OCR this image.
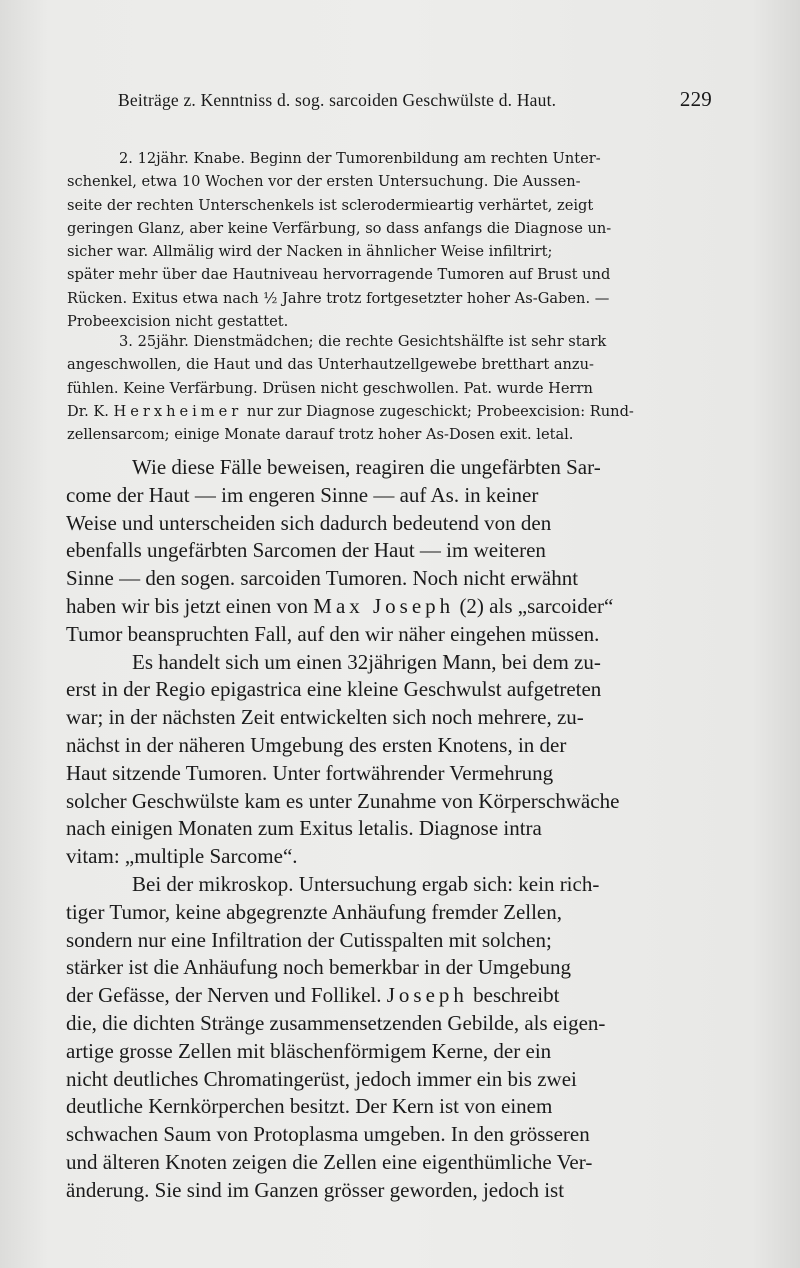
Beiträge z. Kenntniss d. sog. sarcoiden Geschwülste d. Haut.	229
2. 12jähr. Knabe. Beginn der Tumorenbildung am rechten Unter-
schenkel, etwa 10 Wochen vor der ersten Untersuchung. Die Aussen-
seite der rechten Unterschenkels ist sclerodermieartig verhärtet, zeigt
geringen Glanz, aber keine Verfärbung, so dass anfangs die Diagnose un-
sicher war. Allmälig wird der Nacken in ähnlicher Weise infiltrirt;
später mehr über dae Hautniveau hervorragende Tumoren auf Brust und
Rücken. Exitus etwa nach ½ Jahre trotz fortgesetzter hoher As-Gaben. —
Probeexcision nicht gestattet.
3. 25jähr. Dienstmädchen; die rechte Gesichtshälfte ist sehr stark
angeschwollen, die Haut und das Unterhautzellgewebe bretthart anzu-
fühlen. Keine Verfärbung. Drüsen nicht geschwollen. Pat. wurde Herrn
Dr. K. Herxheimer nur zur Diagnose zugeschickt; Probeexcision: Rund-
zellensarcom; einige Monate darauf trotz hoher As-Dosen exit. letal.
Wie diese Fälle beweisen, reagiren die ungefärbten Sar-
come der Haut — im engeren Sinne — auf As. in keiner
Weise und unterscheiden sich dadurch bedeutend von den
ebenfalls ungefärbten Sarcomen der Haut — im weiteren
Sinne — den sogen. sarcoiden Tumoren. Noch nicht erwähnt
haben wir bis jetzt einen von Max Joseph (2) als „sarcoider“
Tumor beanspruchten Fall, auf den wir näher eingehen müssen.
Es handelt sich um einen 32jährigen Mann, bei dem zu-
erst in der Regio epigastrica eine kleine Geschwulst aufgetreten
war; in der nächsten Zeit entwickelten sich noch mehrere, zu-
nächst in der näheren Umgebung des ersten Knotens, in der
Haut sitzende Tumoren. Unter fortwährender Vermehrung
solcher Geschwülste kam es unter Zunahme von Körperschwäche
nach einigen Monaten zum Exitus letalis. Diagnose intra
vitam: „multiple Sarcome“.
Bei der mikroskop. Untersuchung ergab sich: kein rich-
tiger Tumor, keine abgegrenzte Anhäufung fremder Zellen,
sondern nur eine Infiltration der Cutisspalten mit solchen;
stärker ist die Anhäufung noch bemerkbar in der Umgebung
der Gefässe, der Nerven und Follikel. Joseph beschreibt
die, die dichten Stränge zusammensetzenden Gebilde, als eigen-
artige grosse Zellen mit bläschenförmigem Kerne, der ein
nicht deutliches Chromatingerüst, jedoch immer ein bis zwei
deutliche Kernkörperchen besitzt. Der Kern ist von einem
schwachen Saum von Protoplasma umgeben. In den grösseren
und älteren Knoten zeigen die Zellen eine eigenthümliche Ver-
änderung. Sie sind im Ganzen grösser geworden, jedoch ist
